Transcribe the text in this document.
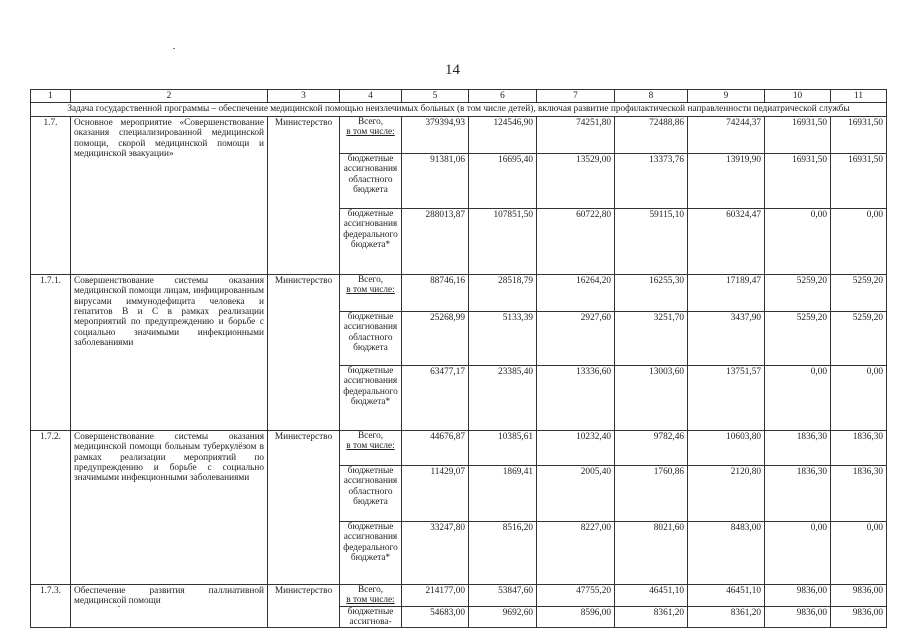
14
1	2	3	4	5	6	7	8	9	10	11
Задача государственной программы – обеспечение медицинской помощью неизлечимых больных (в том числе детей), включая развитие профилактической направленности педиатрической службы										
1.7.	Основное мероприятие «Совершенствование оказания специализированной медицинской помощи, скорой медицинской помощи и медицинской эвакуации»	Министерство	Всего,
в том числе:	379394,93	124546,90	74251,80	72488,86	74244,37	16931,50	16931,50
			бюджетные ассигнования областного бюджета	91381,06	16695,40	13529,00	13373,76	13919,90	16931,50	16931,50
			бюджетные ассигнования федерального бюджета*	288013,87	107851,50	60722,80	59115,10	60324,47	0,00	0,00
1.7.1.	Совершенствование системы оказания медицинской помощи лицам, инфицированным вирусами иммунодефицита человека и гепатитов B и C в рамках реализации мероприятий по предупреждению и борьбе с социально значимыми инфекционными заболеваниями	Министерство	Всего,
в том числе:	88746,16	28518,79	16264,20	16255,30	17189,47	5259,20	5259,20
			бюджетные ассигнования областного бюджета	25268,99	5133,39	2927,60	3251,70	3437,90	5259,20	5259,20
			бюджетные ассигнования федерального бюджета*	63477,17	23385,40	13336,60	13003,60	13751,57	0,00	0,00
1.7.2.	Совершенствование системы оказания медицинской помощи больным туберкулёзом в рамках реализации мероприятий по предупреждению и борьбе с социально значимыми инфекционными заболеваниями	Министерство	Всего,
в том числе:	44676,87	10385,61	10232,40	9782,46	10603,80	1836,30	1836,30
			бюджетные ассигнования областного бюджета	11429,07	1869,41	2005,40	1760,86	2120,80	1836,30	1836,30
			бюджетные ассигнования федерального бюджета*	33247,80	8516,20	8227,00	8021,60	8483,00	0,00	0,00
1.7.3.	Обеспечение развития паллиативной медицинской помощи	Министерство	Всего,
в том числе:	214177,00	53847,60	47755,20	46451,10	46451,10	9836,00	9836,00
			бюджетные ассигнова-	54683,00	9692,60	8596,00	8361,20	8361,20	9836,00	9836,00
